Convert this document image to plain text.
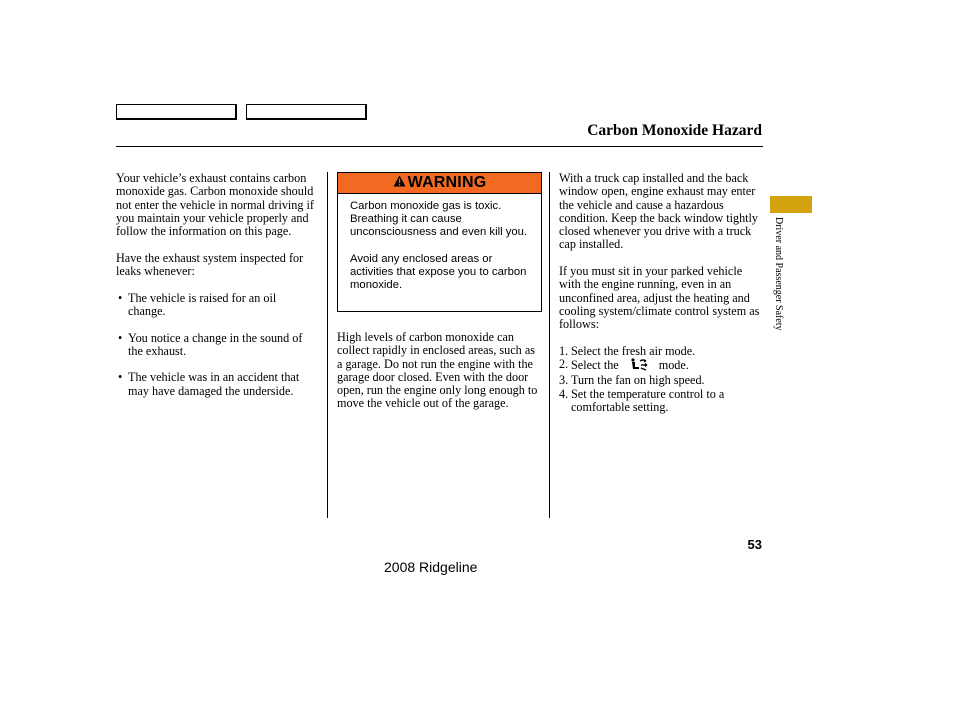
Carbon Monoxide Hazard

Your vehicle’s exhaust contains carbon monoxide gas. Carbon monoxide should not enter the vehicle in normal driving if you maintain your vehicle properly and follow the information on this page.

Have the exhaust system inspected for leaks whenever:

• The vehicle is raised for an oil change.
• You notice a change in the sound of the exhaust.
• The vehicle was in an accident that may have damaged the underside.
WARNING

Carbon monoxide gas is toxic. Breathing it can cause unconsciousness and even kill you.

Avoid any enclosed areas or activities that expose you to carbon monoxide.

High levels of carbon monoxide can collect rapidly in enclosed areas, such as a garage. Do not run the engine with the garage door closed. Even with the door open, run the engine only long enough to move the vehicle out of the garage.

With a truck cap installed and the back window open, engine exhaust may enter the vehicle and cause a hazardous condition. Keep the back window tightly closed whenever you drive with a truck cap installed.

If you must sit in your parked vehicle with the engine running, even in an unconfined area, adjust the heating and cooling system/climate control system as follows:

1. Select the fresh air mode.
2. Select the	mode.
3. Turn the fan on high speed.
4. Set the temperature control to a comfortable setting.
Driver and Passenger Safety
53
2008 Ridgeline
